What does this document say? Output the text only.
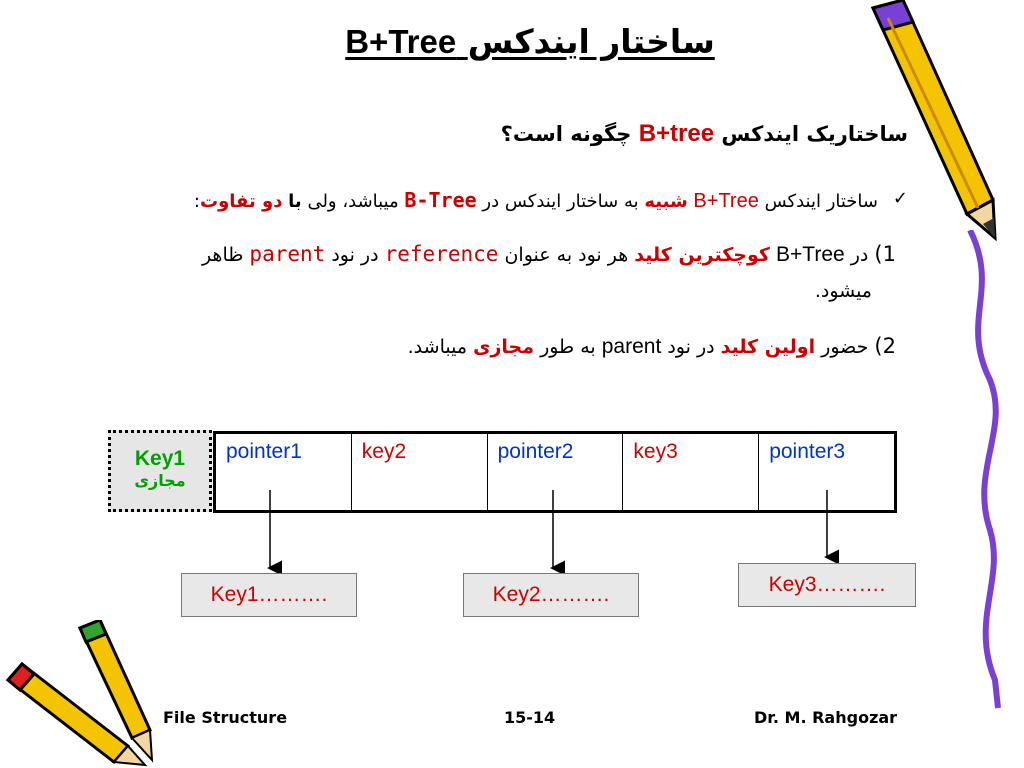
ساختار ایندکس B+Tree
ساختاریک ایندکس B+tree چگونه است؟
✓
ساختار ایندکس B+Tree شبیه به ساختار ایندکس در B-Tree میباشد، ولی با دو تفاوت:
1) در B+Tree کوچکترین کلید هر نود به عنوان reference در نود parent ظاهر
میشود.
2) حضور اولین کلید در نود parent به طور مجازی میباشد.
Key1
مجازی
pointer1	key2	pointer2	key3	pointer3
Key1……….	Key2……….	Key3……….
File Structure	15-14	Dr. M. Rahgozar
